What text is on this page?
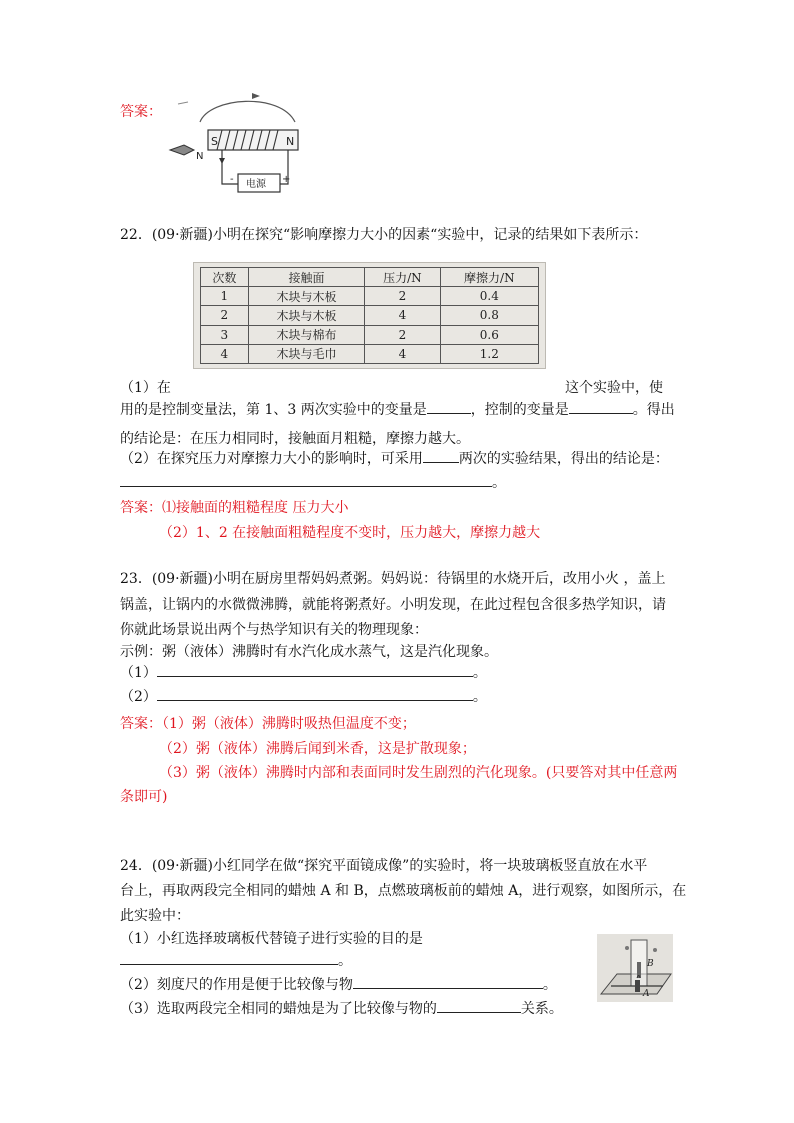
答案：
S	N
N
电源
-	+
22．(09·新疆)小明在探究“影响摩擦力大小的因素“实验中，记录的结果如下表所示：
次数	接触面	压力/N	摩擦力/N
1	木块与木板	2	0.4
2	木块与木板	4	0.8
3	木块与棉布	2	0.6
4	木块与毛巾	4	1.2
（1）在	这个实验中，使
用的是控制变量法，第 1、3 两次实验中的变量是	，控制的变量是	。得出
的结论是：在压力相同时，接触面月粗糙，摩擦力越大。
（2）在探究压力对摩擦力大小的影响时，可采用	两次的实验结果，得出的结论是：
。
答案：⑴接触面的粗糙程度 压力大小
（2）1、2 在接触面粗糙程度不变时，压力越大，摩擦力越大
23．(09·新疆)小明在厨房里帮妈妈煮粥。妈妈说：待锅里的水烧开后，改用小火 ，盖上
锅盖，让锅内的水微微沸腾，就能将粥煮好。小明发现，在此过程包含很多热学知识，请
你就此场景说出两个与热学知识有关的物理现象：
示例：粥（液体）沸腾时有水汽化成水蒸气，这是汽化现象。
（1）	。
（2）	。
答案：（1）粥（液体）沸腾时吸热但温度不变；
（2）粥（液体）沸腾后闻到米香，这是扩散现象；
（3）粥（液体）沸腾时内部和表面同时发生剧烈的汽化现象。(只要答对其中任意两
条即可)
24．(09·新疆)小红同学在做“探究平面镜成像”的实验时，将一块玻璃板竖直放在水平
台上，再取两段完全相同的蜡烛 A 和 B，点燃玻璃板前的蜡烛 A，进行观察，如图所示，在
此实验中：
（1）小红选择玻璃板代替镜子进行实验的目的是
。
（2）刻度尺的作用是便于比较像与物	。
（3）选取两段完全相同的蜡烛是为了比较像与物的	关系。
B
A
